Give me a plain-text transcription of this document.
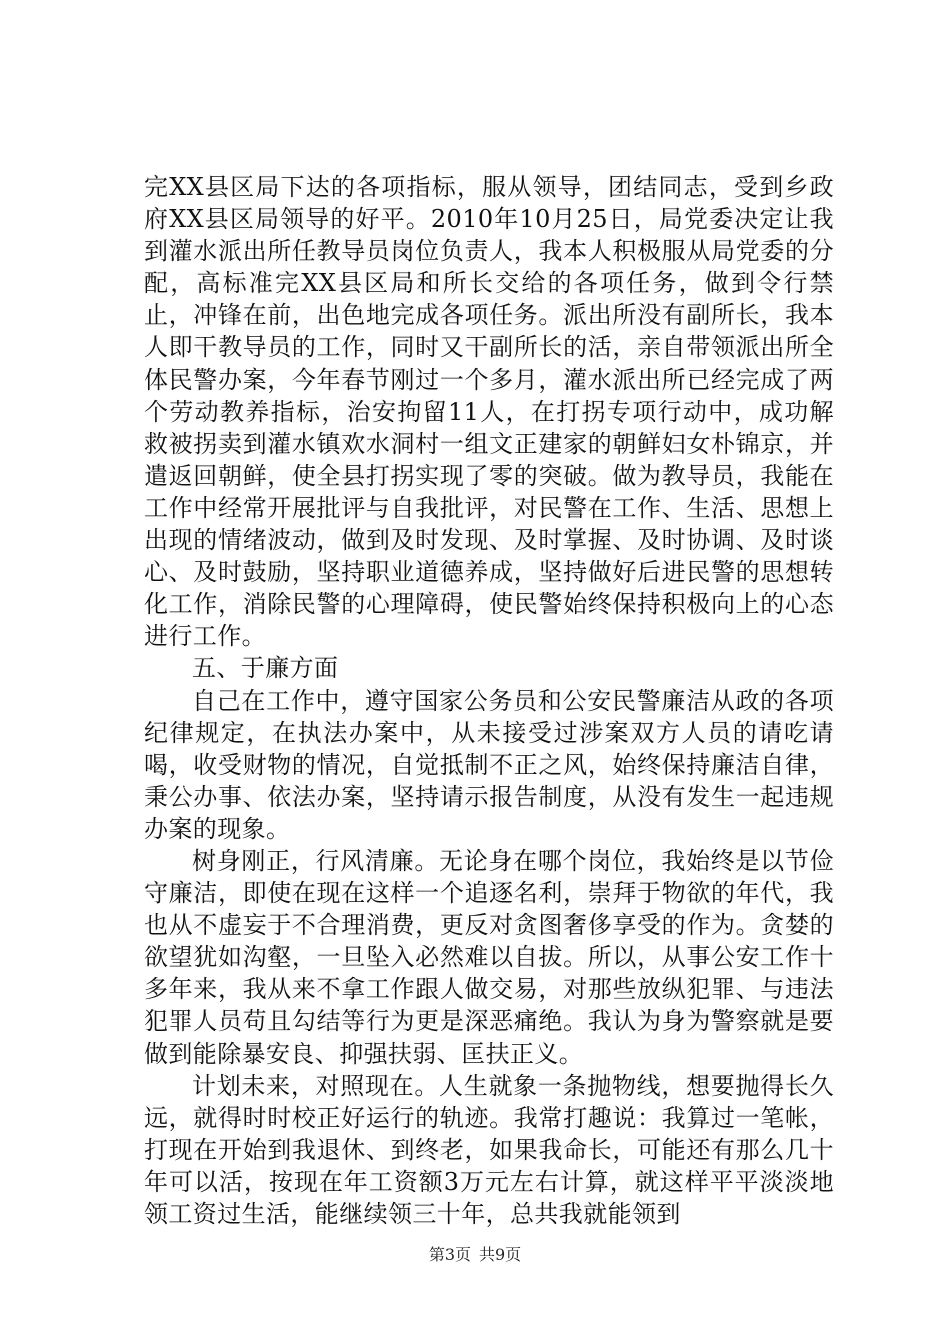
完XX县区局下达的各项指标，服从领导，团结同志，受到乡政府XX县区局领导的好平。2010年10月25日，局党委决定让我到灌水派出所任教导员岗位负责人，我本人积极服从局党委的分配，高标准完XX县区局和所长交给的各项任务，做到令行禁止，冲锋在前，出色地完成各项任务。派出所没有副所长，我本人即干教导员的工作，同时又干副所长的活，亲自带领派出所全体民警办案，今年春节刚过一个多月，灌水派出所已经完成了两个劳动教养指标，治安拘留11人，在打拐专项行动中，成功解救被拐卖到灌水镇欢水洞村一组文正建家的朝鲜妇女朴锦京，并遣返回朝鲜，使全县打拐实现了零的突破。做为教导员，我能在工作中经常开展批评与自我批评，对民警在工作、生活、思想上出现的情绪波动，做到及时发现、及时掌握、及时协调、及时谈心、及时鼓励，坚持职业道德养成，坚持做好后进民警的思想转化工作，消除民警的心理障碍，使民警始终保持积极向上的心态进行工作。

五、于廉方面

自己在工作中，遵守国家公务员和公安民警廉洁从政的各项纪律规定，在执法办案中，从未接受过涉案双方人员的请吃请喝，收受财物的情况，自觉抵制不正之风，始终保持廉洁自律，秉公办事、依法办案，坚持请示报告制度，从没有发生一起违规办案的现象。

树身刚正，行风清廉。无论身在哪个岗位，我始终是以节俭守廉洁，即使在现在这样一个追逐名利，崇拜于物欲的年代，我也从不虚妄于不合理消费，更反对贪图奢侈享受的作为。贪婪的欲望犹如沟壑，一旦坠入必然难以自拔。所以，从事公安工作十多年来，我从来不拿工作跟人做交易，对那些放纵犯罪、与违法犯罪人员苟且勾结等行为更是深恶痛绝。我认为身为警察就是要做到能除暴安良、抑强扶弱、匡扶正义。

计划未来，对照现在。人生就象一条抛物线，想要抛得长久远，就得时时校正好运行的轨迹。我常打趣说：我算过一笔帐，打现在开始到我退休、到终老，如果我命长，可能还有那么几十年可以活，按现在年工资额3万元左右计算，就这样平平淡淡地领工资过生活，能继续领三十年，总共我就能领到

第3页 共9页
